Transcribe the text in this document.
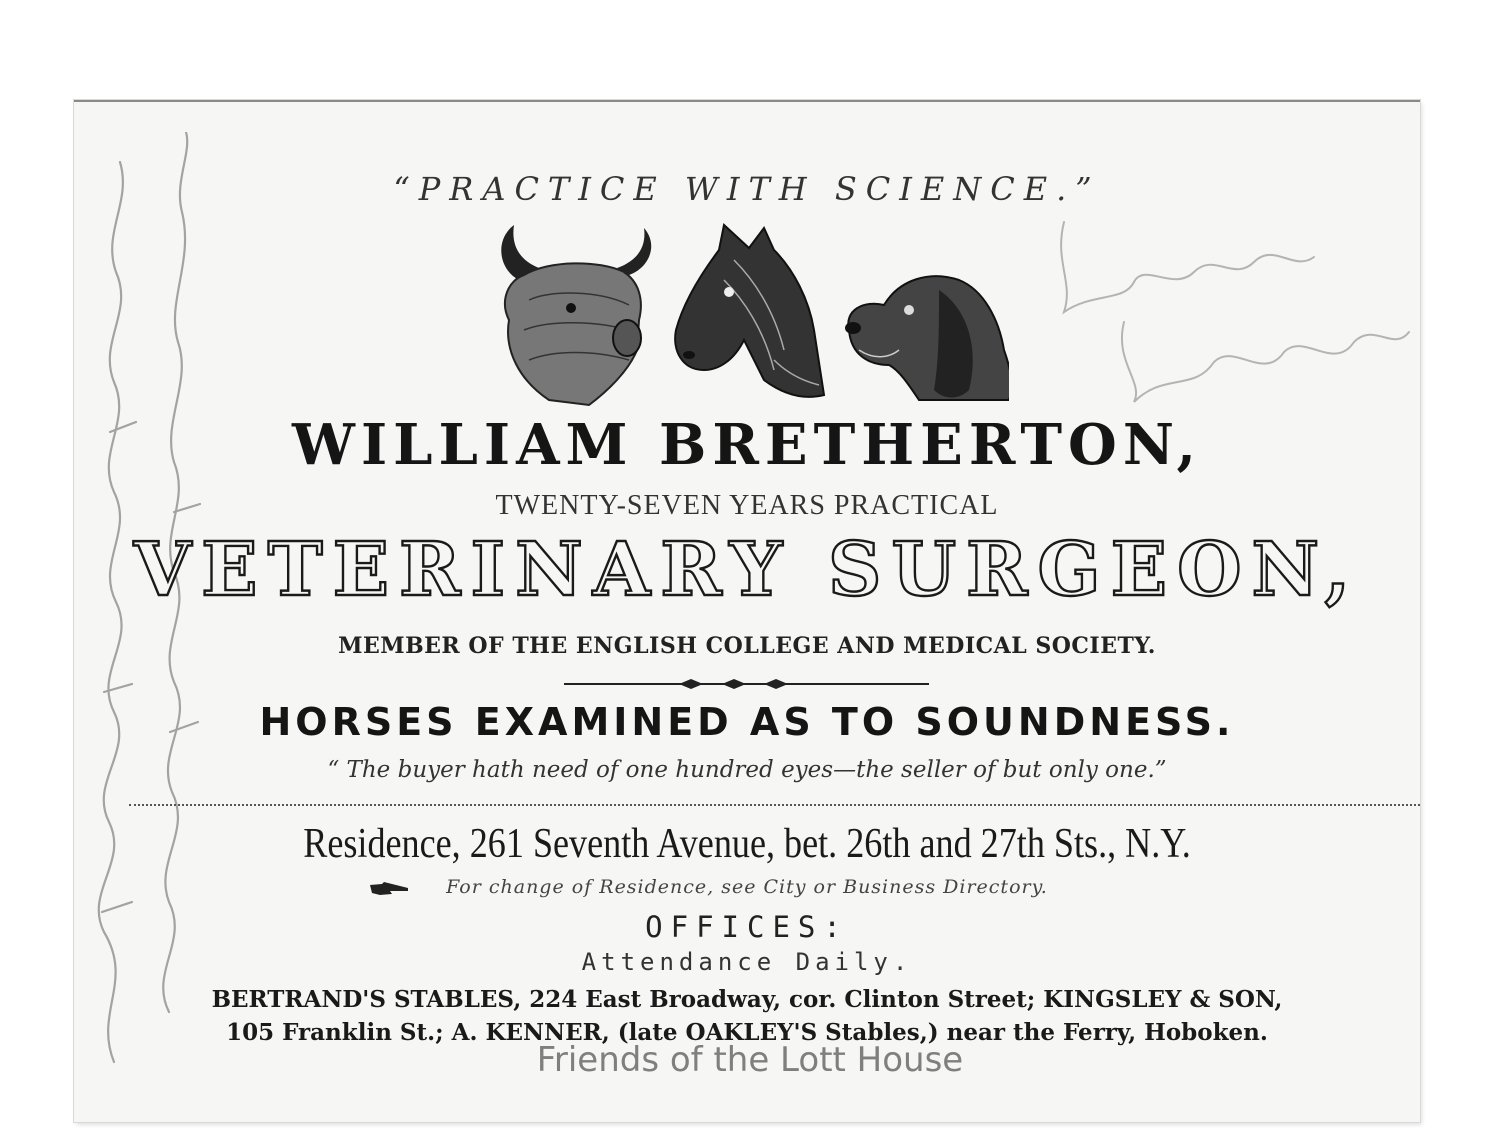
“PRACTICE WITH SCIENCE.”

WILLIAM BRETHERTON,

TWENTY-SEVEN YEARS PRACTICAL

VETERINARY SURGEON,

MEMBER OF THE ENGLISH COLLEGE AND MEDICAL SOCIETY.

HORSES EXAMINED AS TO SOUNDNESS.

“ The buyer hath need of one hundred eyes—the seller of but only one.”

Residence, 261 Seventh Avenue, bet. 26th and 27th Sts., N.Y.

For change of Residence, see City or Business Directory.

OFFICES:

Attendance Daily.

BERTRAND'S STABLES, 224 East Broadway, cor. Clinton Street; KINGSLEY & SON,

105 Franklin St.; A. KENNER, (late OAKLEY'S Stables,) near the Ferry, Hoboken.

Friends of the Lott House
